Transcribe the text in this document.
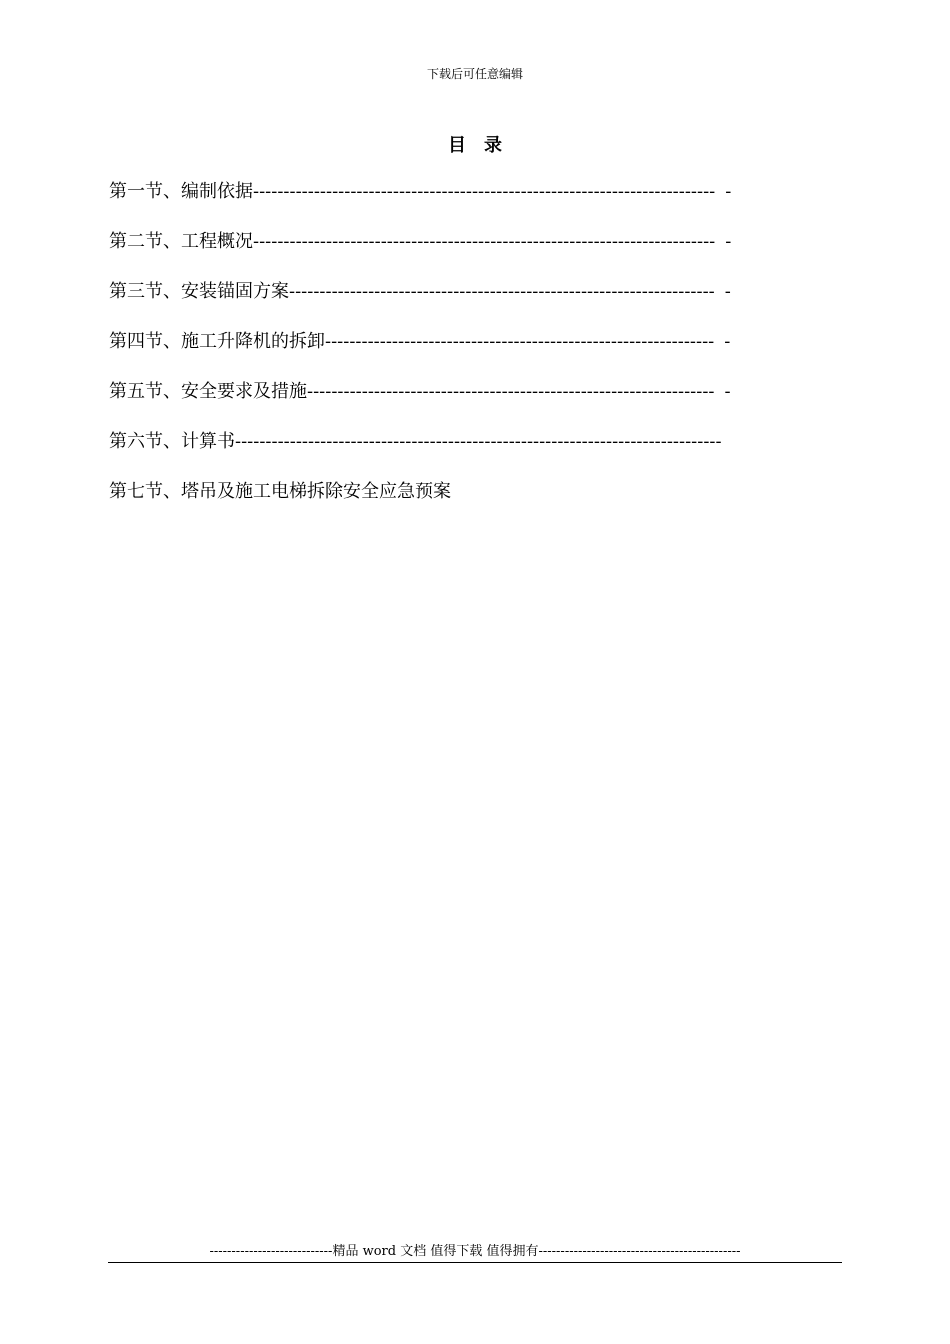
下载后可任意编辑
目录
第一节、编制依据---------------------------------------------------------------------------- -
第二节、工程概况---------------------------------------------------------------------------- -
第三节、安装锚固方案---------------------------------------------------------------------- -
第四节、施工升降机的拆卸---------------------------------------------------------------- -
第五节、安全要求及措施------------------------------------------------------------------- -
第六节、计算书--------------------------------------------------------------------------------
第七节、塔吊及施工电梯拆除安全应急预案
----------------------------精品 word 文档 值得下载 值得拥有----------------------------------------------
